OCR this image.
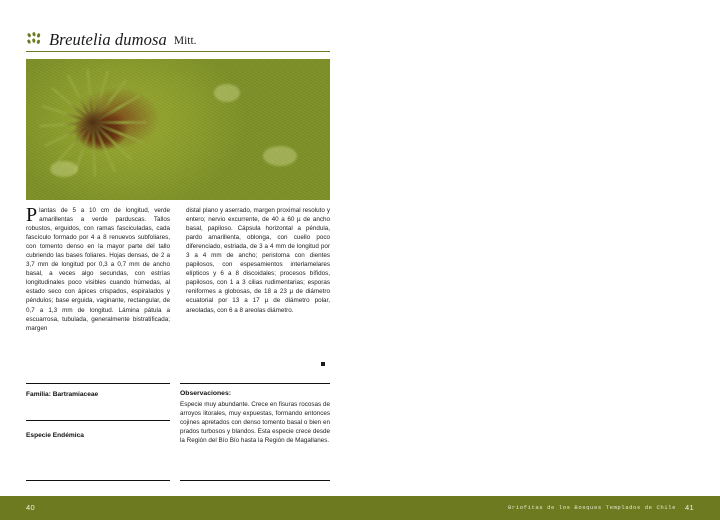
Breutelia dumosa Mitt.
Plantas de 5 a 10 cm de longitud, verde amarillentas a verde parduscas. Tallos robustos, erguidos, con ramas fasciculadas, cada fascículo formado por 4 a 8 renuevos subfoliares, con tomento denso en la mayor parte del tallo cubriendo las bases foliares. Hojas densas, de 2 a 3,7 mm de longitud por 0,3 a 0,7 mm de ancho basal, a veces algo secundas, con estrías longitudinales poco visibles cuando húmedas, al estado seco con ápices crispados, espiralados y péndulos; base erguida, vaginante, rectangular, de 0,7 a 1,3 mm de longitud. Lámina pátula a escuarrosa, tubulada, generalmente bistratificada; margen
distal plano y aserrado, margen proximal resoluto y entero; nervio excurrente, de 40 a 60 µ de ancho basal, papiloso. Cápsula horizontal a péndula, pardo amarillenta, oblonga, con cuello poco diferenciado, estriada, de 3 a 4 mm de longitud por 3 a 4 mm de ancho; peristoma con dientes papilosos, con espesamientos interlamelares elípticos y 6 a 8 discoidales; procesos bífidos, papilosos, con 1 a 3 cilias rudimentarias; esporas reniformes a globosas, de 18 a 23 µ de diámetro ecuatorial por 13 a 17 µ de diámetro polar, areoladas, con 6 a 8 areolas diámetro.
Familia: Bartramiaceae
Especie Endémica
Observaciones:
Especie muy abundante. Crece en fisuras rocosas de arroyos litorales, muy expuestas, formando entonces cojines apretados con denso tomento basal o bien en prados turbosos y blandos. Esta especie crece desde la Región del Bío Bío hasta la Región de Magallanes.
40	Briofitas de los Bosques Templados de Chile 41
